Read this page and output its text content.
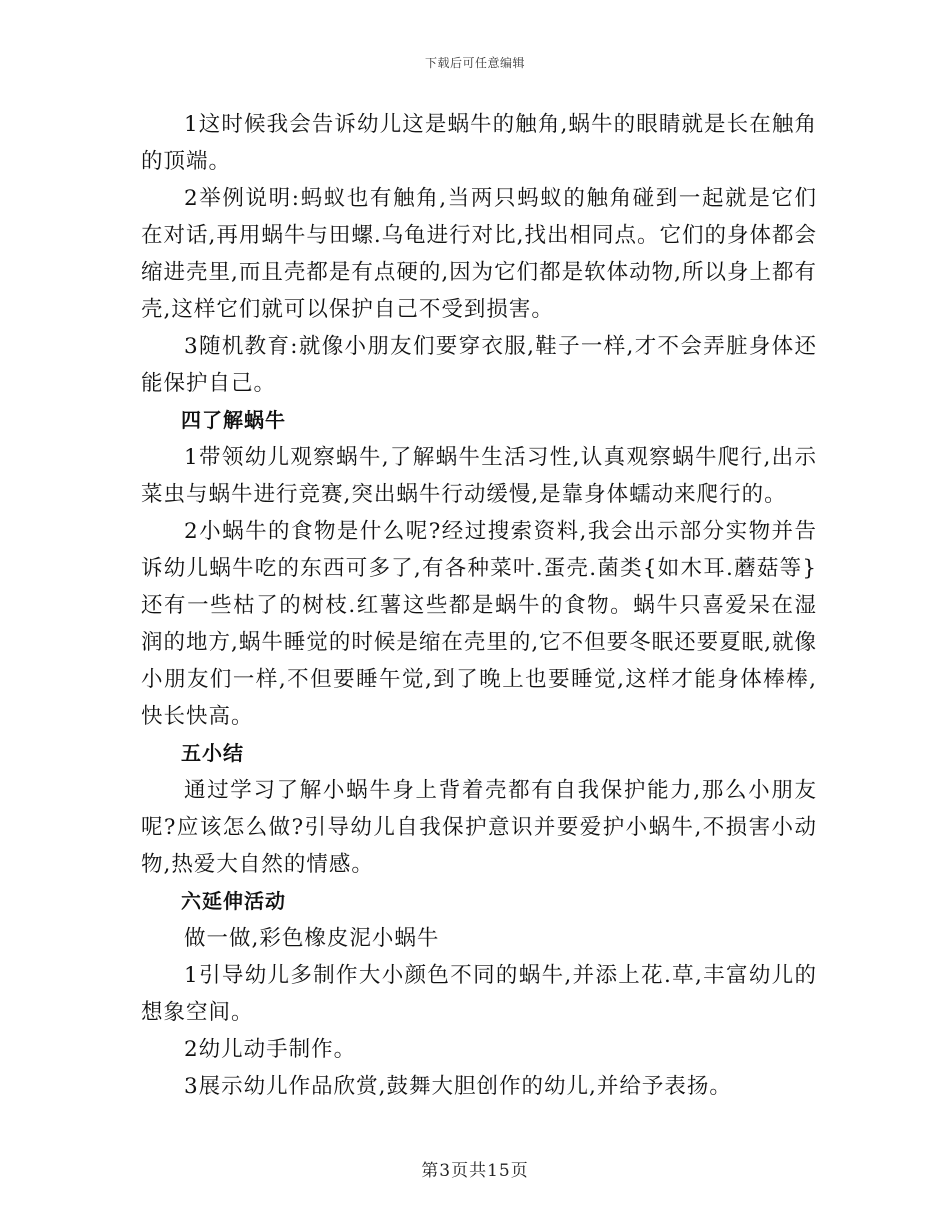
下载后可任意编辑

1这时候我会告诉幼儿这是蜗牛的触角,蜗牛的眼睛就是长在触角的顶端。

2举例说明:蚂蚁也有触角,当两只蚂蚁的触角碰到一起就是它们在对话,再用蜗牛与田螺.乌龟进行对比,找出相同点。它们的身体都会缩进壳里,而且壳都是有点硬的,因为它们都是软体动物,所以身上都有壳,这样它们就可以保护自己不受到损害。

3随机教育:就像小朋友们要穿衣服,鞋子一样,才不会弄脏身体还能保护自己。

四了解蜗牛

1带领幼儿观察蜗牛,了解蜗牛生活习性,认真观察蜗牛爬行,出示菜虫与蜗牛进行竞赛,突出蜗牛行动缓慢,是靠身体蠕动来爬行的。

2小蜗牛的食物是什么呢?经过搜索资料,我会出示部分实物并告诉幼儿蜗牛吃的东西可多了,有各种菜叶.蛋壳.菌类{如木耳.蘑菇等}还有一些枯了的树枝.红薯这些都是蜗牛的食物。蜗牛只喜爱呆在湿润的地方,蜗牛睡觉的时候是缩在壳里的,它不但要冬眠还要夏眠,就像小朋友们一样,不但要睡午觉,到了晚上也要睡觉,这样才能身体棒棒,快长快高。

五小结

通过学习了解小蜗牛身上背着壳都有自我保护能力,那么小朋友呢?应该怎么做?引导幼儿自我保护意识并要爱护小蜗牛,不损害小动物,热爱大自然的情感。

六延伸活动

做一做,彩色橡皮泥小蜗牛

1引导幼儿多制作大小颜色不同的蜗牛,并添上花.草,丰富幼儿的想象空间。

2幼儿动手制作。

3展示幼儿作品欣赏,鼓舞大胆创作的幼儿,并给予表扬。

第3页共15页
